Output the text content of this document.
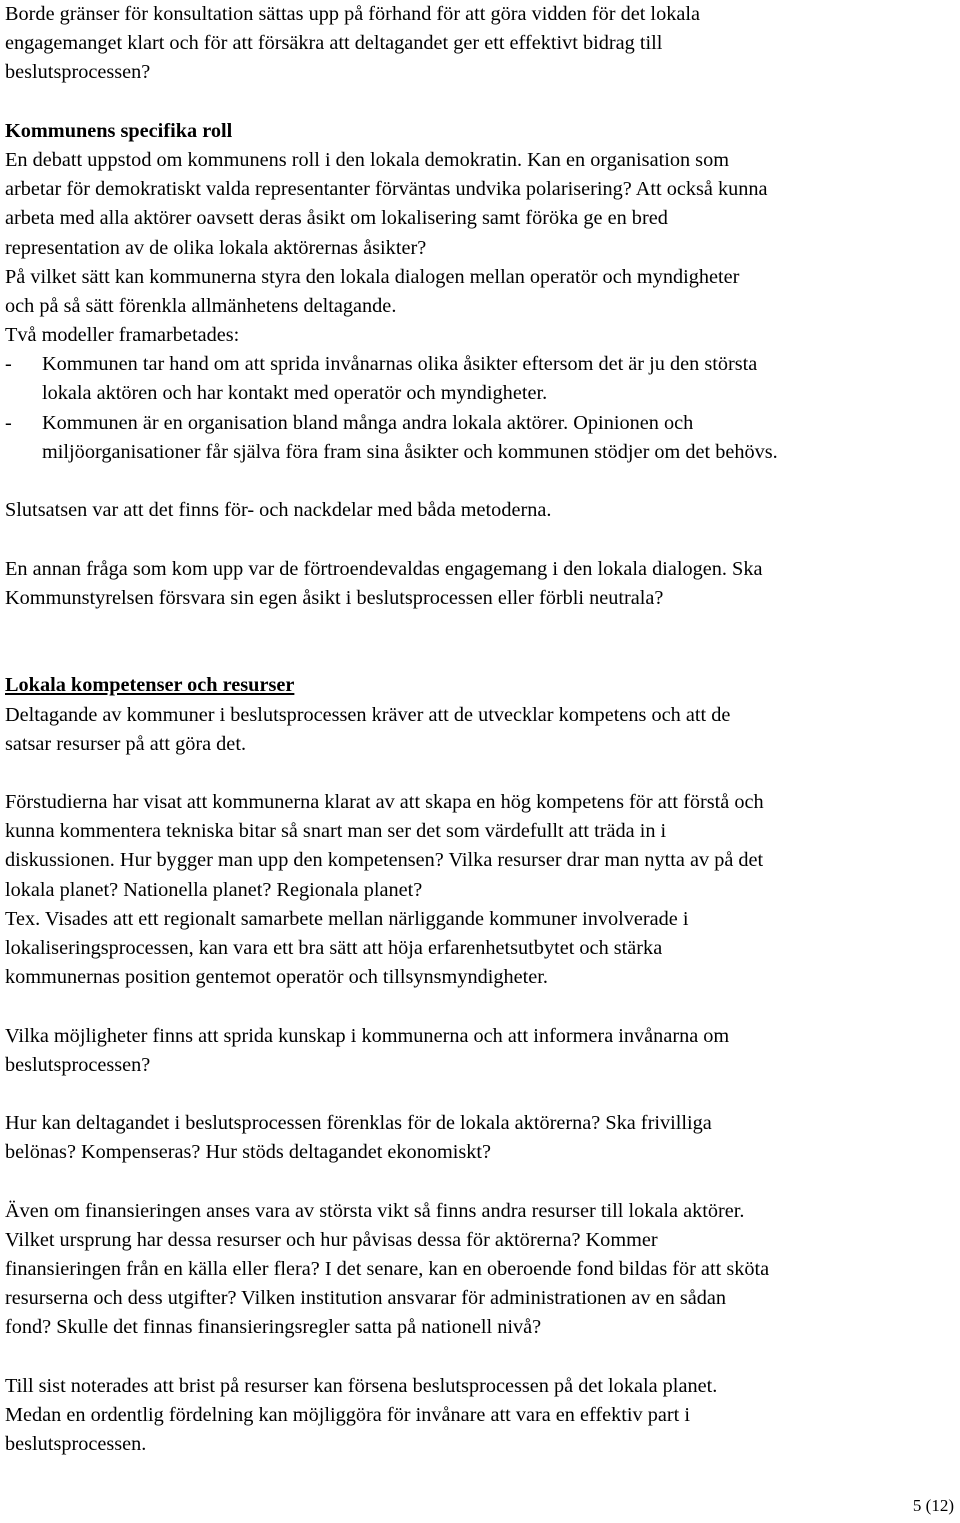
Borde gränser för konsultation sättas upp på förhand för att göra vidden för det lokala
engagemanget klart och för att försäkra att deltagandet ger ett effektivt bidrag till
beslutsprocessen?
Kommunens specifika roll
En debatt uppstod om kommunens roll i den lokala demokratin. Kan en organisation som
arbetar för demokratiskt valda representanter förväntas undvika polarisering? Att också kunna
arbeta med alla aktörer oavsett deras åsikt om lokalisering samt föröka ge en bred
representation av de olika lokala aktörernas åsikter?
På vilket sätt kan kommunerna styra den lokala dialogen mellan operatör och myndigheter
och på så sätt förenkla allmänhetens deltagande.
Två modeller framarbetades:
-	Kommunen tar hand om att sprida invånarnas olika åsikter eftersom det är ju den största
lokala aktören och har kontakt med operatör och myndigheter.
-	Kommunen är en organisation bland många andra lokala aktörer. Opinionen och
miljöorganisationer får själva föra fram sina åsikter och kommunen stödjer om det behövs.
Slutsatsen var att det finns för- och nackdelar med båda metoderna.
En annan fråga som kom upp var de förtroendevaldas engagemang i den lokala dialogen. Ska
Kommunstyrelsen försvara sin egen åsikt i beslutsprocessen eller förbli neutrala?
Lokala kompetenser och resurser
Deltagande av kommuner i beslutsprocessen kräver att de utvecklar kompetens och att de
satsar resurser på att göra det.
Förstudierna har visat att kommunerna klarat av att skapa en hög kompetens för att förstå och
kunna kommentera tekniska bitar så snart man ser det som värdefullt att träda in i
diskussionen. Hur bygger man upp den kompetensen? Vilka resurser drar man nytta av på det
lokala planet? Nationella planet? Regionala planet?
Tex. Visades att ett regionalt samarbete mellan närliggande kommuner involverade i
lokaliseringsprocessen, kan vara ett bra sätt att höja erfarenhetsutbytet och stärka
kommunernas position gentemot operatör och tillsynsmyndigheter.
Vilka möjligheter finns att sprida kunskap i kommunerna och att informera invånarna om
beslutsprocessen?
Hur kan deltagandet i beslutsprocessen förenklas för de lokala aktörerna? Ska frivilliga
belönas? Kompenseras? Hur stöds deltagandet ekonomiskt?
Även om finansieringen anses vara av största vikt så finns andra resurser till lokala aktörer.
Vilket ursprung har dessa resurser och hur påvisas dessa för aktörerna? Kommer
finansieringen från en källa eller flera? I det senare, kan en oberoende fond bildas för att sköta
resurserna och dess utgifter? Vilken institution ansvarar för administrationen av en sådan
fond? Skulle det finnas finansieringsregler satta på nationell nivå?
Till sist noterades att brist på resurser kan försena beslutsprocessen på det lokala planet.
Medan en ordentlig fördelning kan möjliggöra för invånare att vara en effektiv part i
beslutsprocessen.
5 (12)
